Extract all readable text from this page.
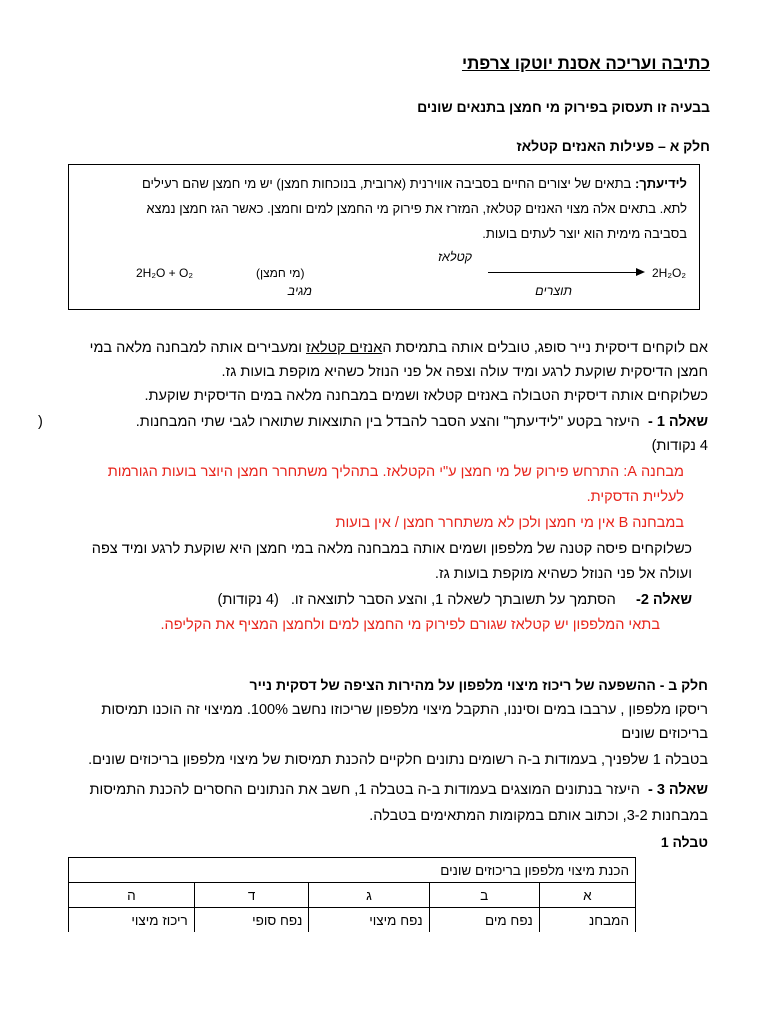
כתיבה ועריכה אסנת יוטקו צרפתי
בבעיה זו תעסוק בפירוק מי חמצן בתנאים שונים
חלק א – פעילות האנזים קטלאז
לידיעתך: בתאים של יצורים החיים בסביבה אווירנית (ארובית, בנוכחות חמצן) יש מי חמצן שהם רעילים
לתא. בתאים אלה מצוי האנזים קטלאז, המזרז את פירוק מי החמצן למים וחמצן. כאשר הגז חמצן נמצא
בסביבה מימית הוא יוצר לעתים בועות.
קטלאז
2H₂O + O₂	(מי חמצן)	2H₂O₂
מגיב	תוצרים
אם לוקחים דיסקית נייר סופג, טובלים אותה בתמיסת האנזים קטלאז ומעבירים אותה למבחנה מלאה במי
חמצן הדיסקית שוקעת לרגע ומיד עולה וצפה אל פני הנוזל כשהיא מוקפת בועות גז.
כשלוקחים אותה דיסקית הטבולה באנזים קטלאז ושמים במבחנה מלאה במים הדיסקית שוקעת.
שאלה 1 -  היעזר בקטע "לידיעתך" והצע הסבר להבדל בין התוצאות שתוארו לגבי שתי המבחנות.
(
4 נקודות)
מבחנה A: התרחש פירוק של מי חמצן ע"י הקטלאז. בתהליך משתחרר חמצן היוצר בועות הגורמות
לעליית הדסקית.
במבחנה B אין מי חמצן ולכן לא משתחרר חמצן / אין בועות
כשלוקחים פיסה קטנה של מלפפון ושמים אותה במבחנה מלאה במי חמצן היא שוקעת לרגע ומיד צפה
ועולה אל פני הנוזל כשהיא מוקפת בועות גז.
שאלה 2-     הסתמך על תשובתך לשאלה 1, והצע הסבר לתוצאה זו.   (4 נקודות)
בתאי המלפפון יש קטלאז שגורם לפירוק מי החמצן למים ולחמצן המציף את הקליפה.
חלק ב - ההשפעה של ריכוז מיצוי מלפפון על מהירות הציפה של דסקית נייר
ריסקו מלפפון , ערבבו במים וסיננו, התקבל מיצוי מלפפון שריכוזו נחשב 100%. ממיצוי זה הוכנו תמיסות
בריכוזים שונים
בטבלה 1 שלפניך, בעמודות ב-ה רשומים נתונים חלקיים להכנת תמיסות של מיצוי מלפפון בריכוזים שונים.
שאלה 3 -  היעזר בנתונים המוצגים בעמודות ב-ה בטבלה 1, חשב את הנתונים החסרים להכנת התמיסות
במבחנות 3-2, וכתוב אותם במקומות המתאימים בטבלה.
טבלה 1
הכנת מיצוי מלפפון בריכוזים שונים				
א	ב	ג	ד	ה
המבחנ	נפח מים	נפח מיצוי	נפח סופי	ריכוז מיצוי
